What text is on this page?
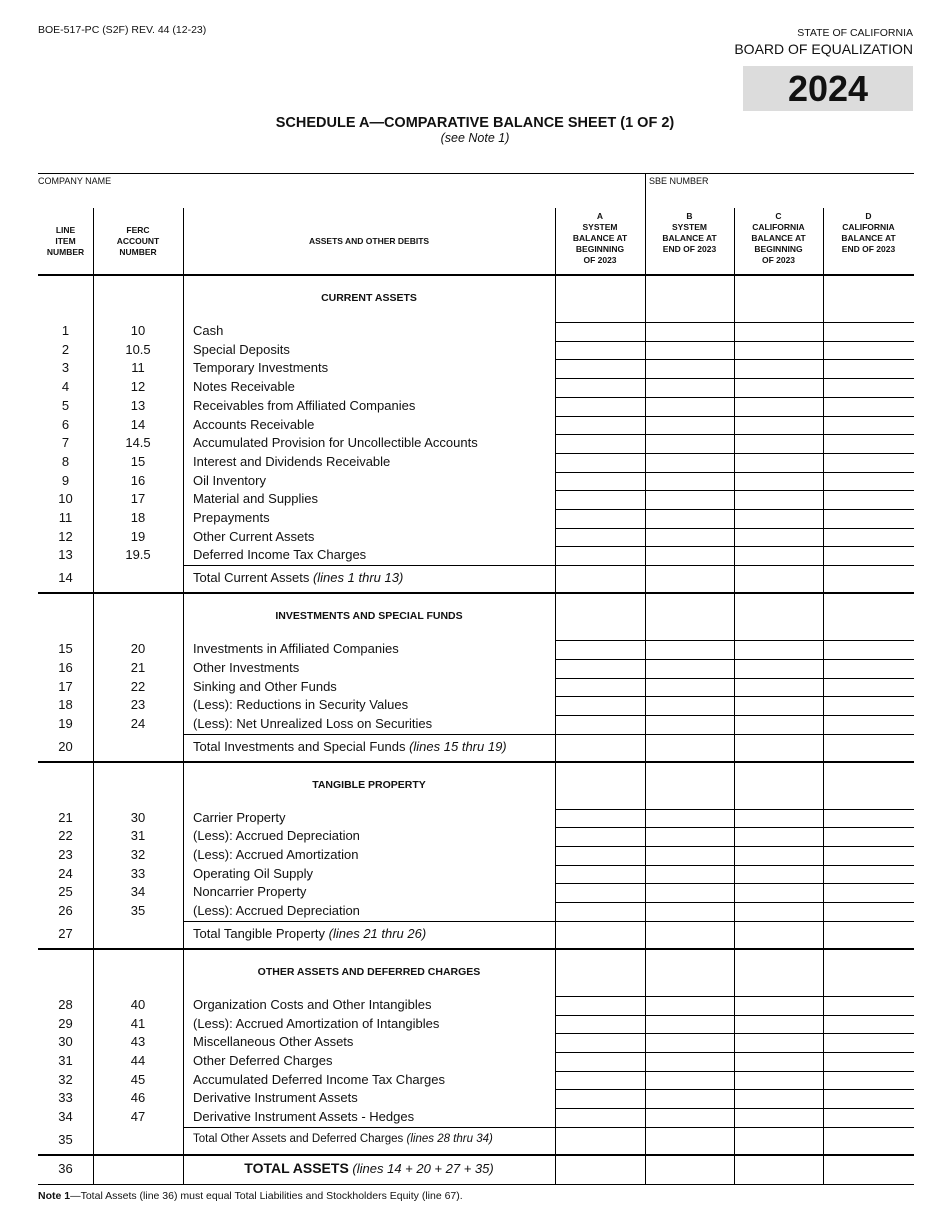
BOE-517-PC (S2F) REV. 44 (12-23)	STATE OF CALIFORNIA
BOARD OF EQUALIZATION
2024
SCHEDULE A—COMPARATIVE BALANCE SHEET (1 OF 2)
(see Note 1)
COMPANY NAME	SBE NUMBER
LINE
ITEM
NUMBER
FERC
ACCOUNT
NUMBER
ASSETS AND OTHER DEBITS
A
SYSTEM
BALANCE AT
BEGINNING
OF 2023
B
SYSTEM
BALANCE AT
END OF 2023
C
CALIFORNIA
BALANCE AT
BEGINNING
OF 2023
D
CALIFORNIA
BALANCE AT
END OF 2023
CURRENT ASSETS
1	10	Cash
2	10.5	Special Deposits
3	11	Temporary Investments
4	12	Notes Receivable
5	13	Receivables from Affiliated Companies
6	14	Accounts Receivable
7	14.5	Accumulated Provision for Uncollectible Accounts
8	15	Interest and Dividends Receivable
9	16	Oil Inventory
10	17	Material and Supplies
11	18	Prepayments
12	19	Other Current Assets
13	19.5	Deferred Income Tax Charges
14	Total Current Assets (lines 1 thru 13)
INVESTMENTS AND SPECIAL FUNDS
15	20	Investments in Affiliated Companies
16	21	Other Investments
17	22	Sinking and Other Funds
18	23	(Less): Reductions in Security Values
19	24	(Less): Net Unrealized Loss on Securities
20	Total Investments and Special Funds (lines 15 thru 19)
TANGIBLE PROPERTY
21	30	Carrier Property
22	31	(Less): Accrued Depreciation
23	32	(Less): Accrued Amortization
24	33	Operating Oil Supply
25	34	Noncarrier Property
26	35	(Less): Accrued Depreciation
27	Total Tangible Property (lines 21 thru 26)
OTHER ASSETS AND DEFERRED CHARGES
28	40	Organization Costs and Other Intangibles
29	41	(Less): Accrued Amortization of Intangibles
30	43	Miscellaneous Other Assets
31	44	Other Deferred Charges
32	45	Accumulated Deferred Income Tax Charges
33	46	Derivative Instrument Assets
34	47	Derivative Instrument Assets - Hedges
35	Total Other Assets and Deferred Charges (lines 28 thru 34)
36	TOTAL ASSETS (lines 14 + 20 + 27 + 35)
Note 1—Total Assets (line 36) must equal Total Liabilities and Stockholders Equity (line 67).
